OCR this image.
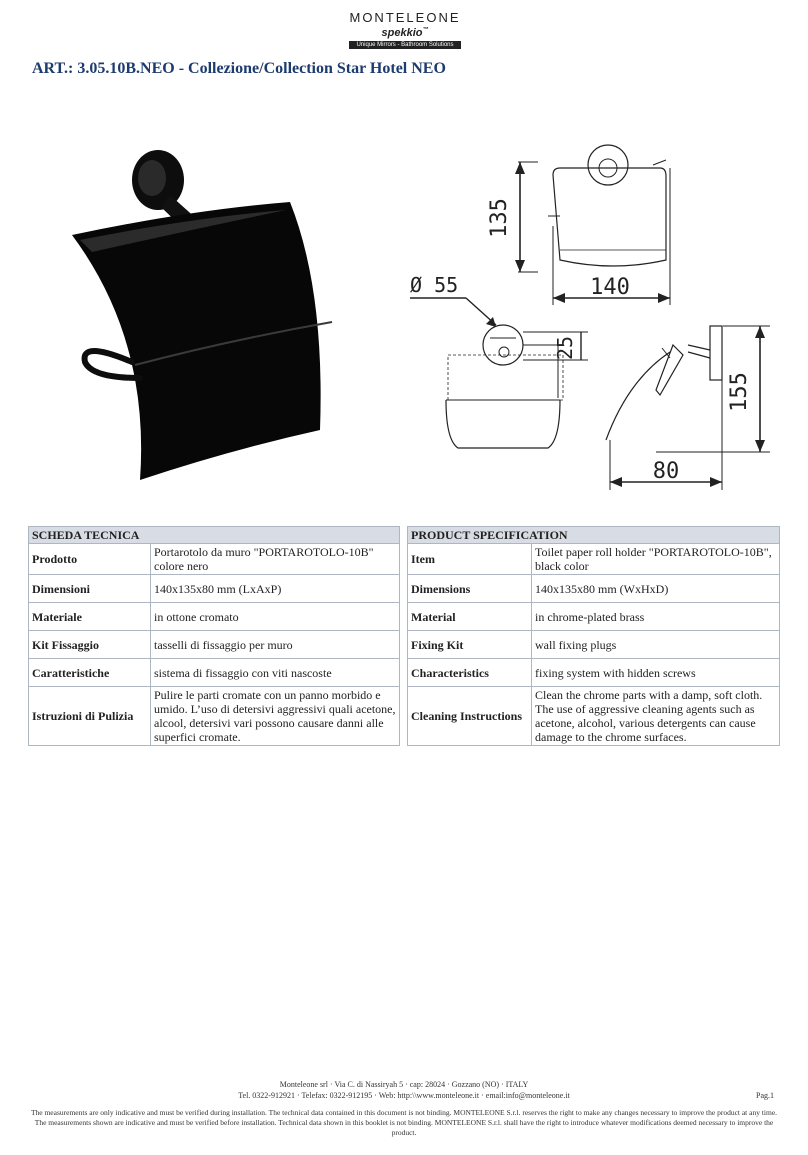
MONTELEONE
spekkio™
Unique Mirrors - Bathroom Solutions
ART.: 3.05.10B.NEO - Collezione/Collection Star Hotel NEO
135
140
Ø 55
25
155
80
SCHEDA TECNICA	
Prodotto	Portarotolo da muro "PORTAROTOLO-10B" colore nero
Dimensioni	140x135x80 mm (LxAxP)
Materiale	in ottone cromato
Kit Fissaggio	tasselli di fissaggio per muro
Caratteristiche	sistema di fissaggio con viti nascoste
Istruzioni di Pulizia	Pulire le parti cromate con un panno morbido e umido. L’uso di detersivi aggressivi quali acetone, alcool, detersivi vari possono causare danni alle superfici cromate.
PRODUCT SPECIFICATION	
Item	Toilet paper roll holder "PORTAROTOLO-10B", black color
Dimensions	140x135x80 mm (WxHxD)
Material	in chrome-plated brass
Fixing Kit	wall fixing plugs
Characteristics	fixing system with hidden screws
Cleaning Instructions	Clean the chrome parts with a damp, soft cloth. The use of aggressive cleaning agents such as acetone, alcohol, various detergents can cause damage to the chrome surfaces.
Monteleone srl · Via C. di Nassiryah 5 · cap: 28024 · Gozzano (NO) · ITALY
Tel. 0322-912921 · Telefax: 0322-912195 · Web: http:\\www.monteleone.it · email:info@monteleone.it	Pag.1
The measurements are only indicative and must be verified during installation. The technical data contained in this document is not binding. MONTELEONE S.r.l. reserves the right to make any changes necessary to improve the product at any time. The measurements shown are indicative and must be verified before installation. Technical data shown in this booklet is not binding. MONTELEONE S.r.l. shall have the right to introduce whatever modifications deemed necessary to improve the product.
